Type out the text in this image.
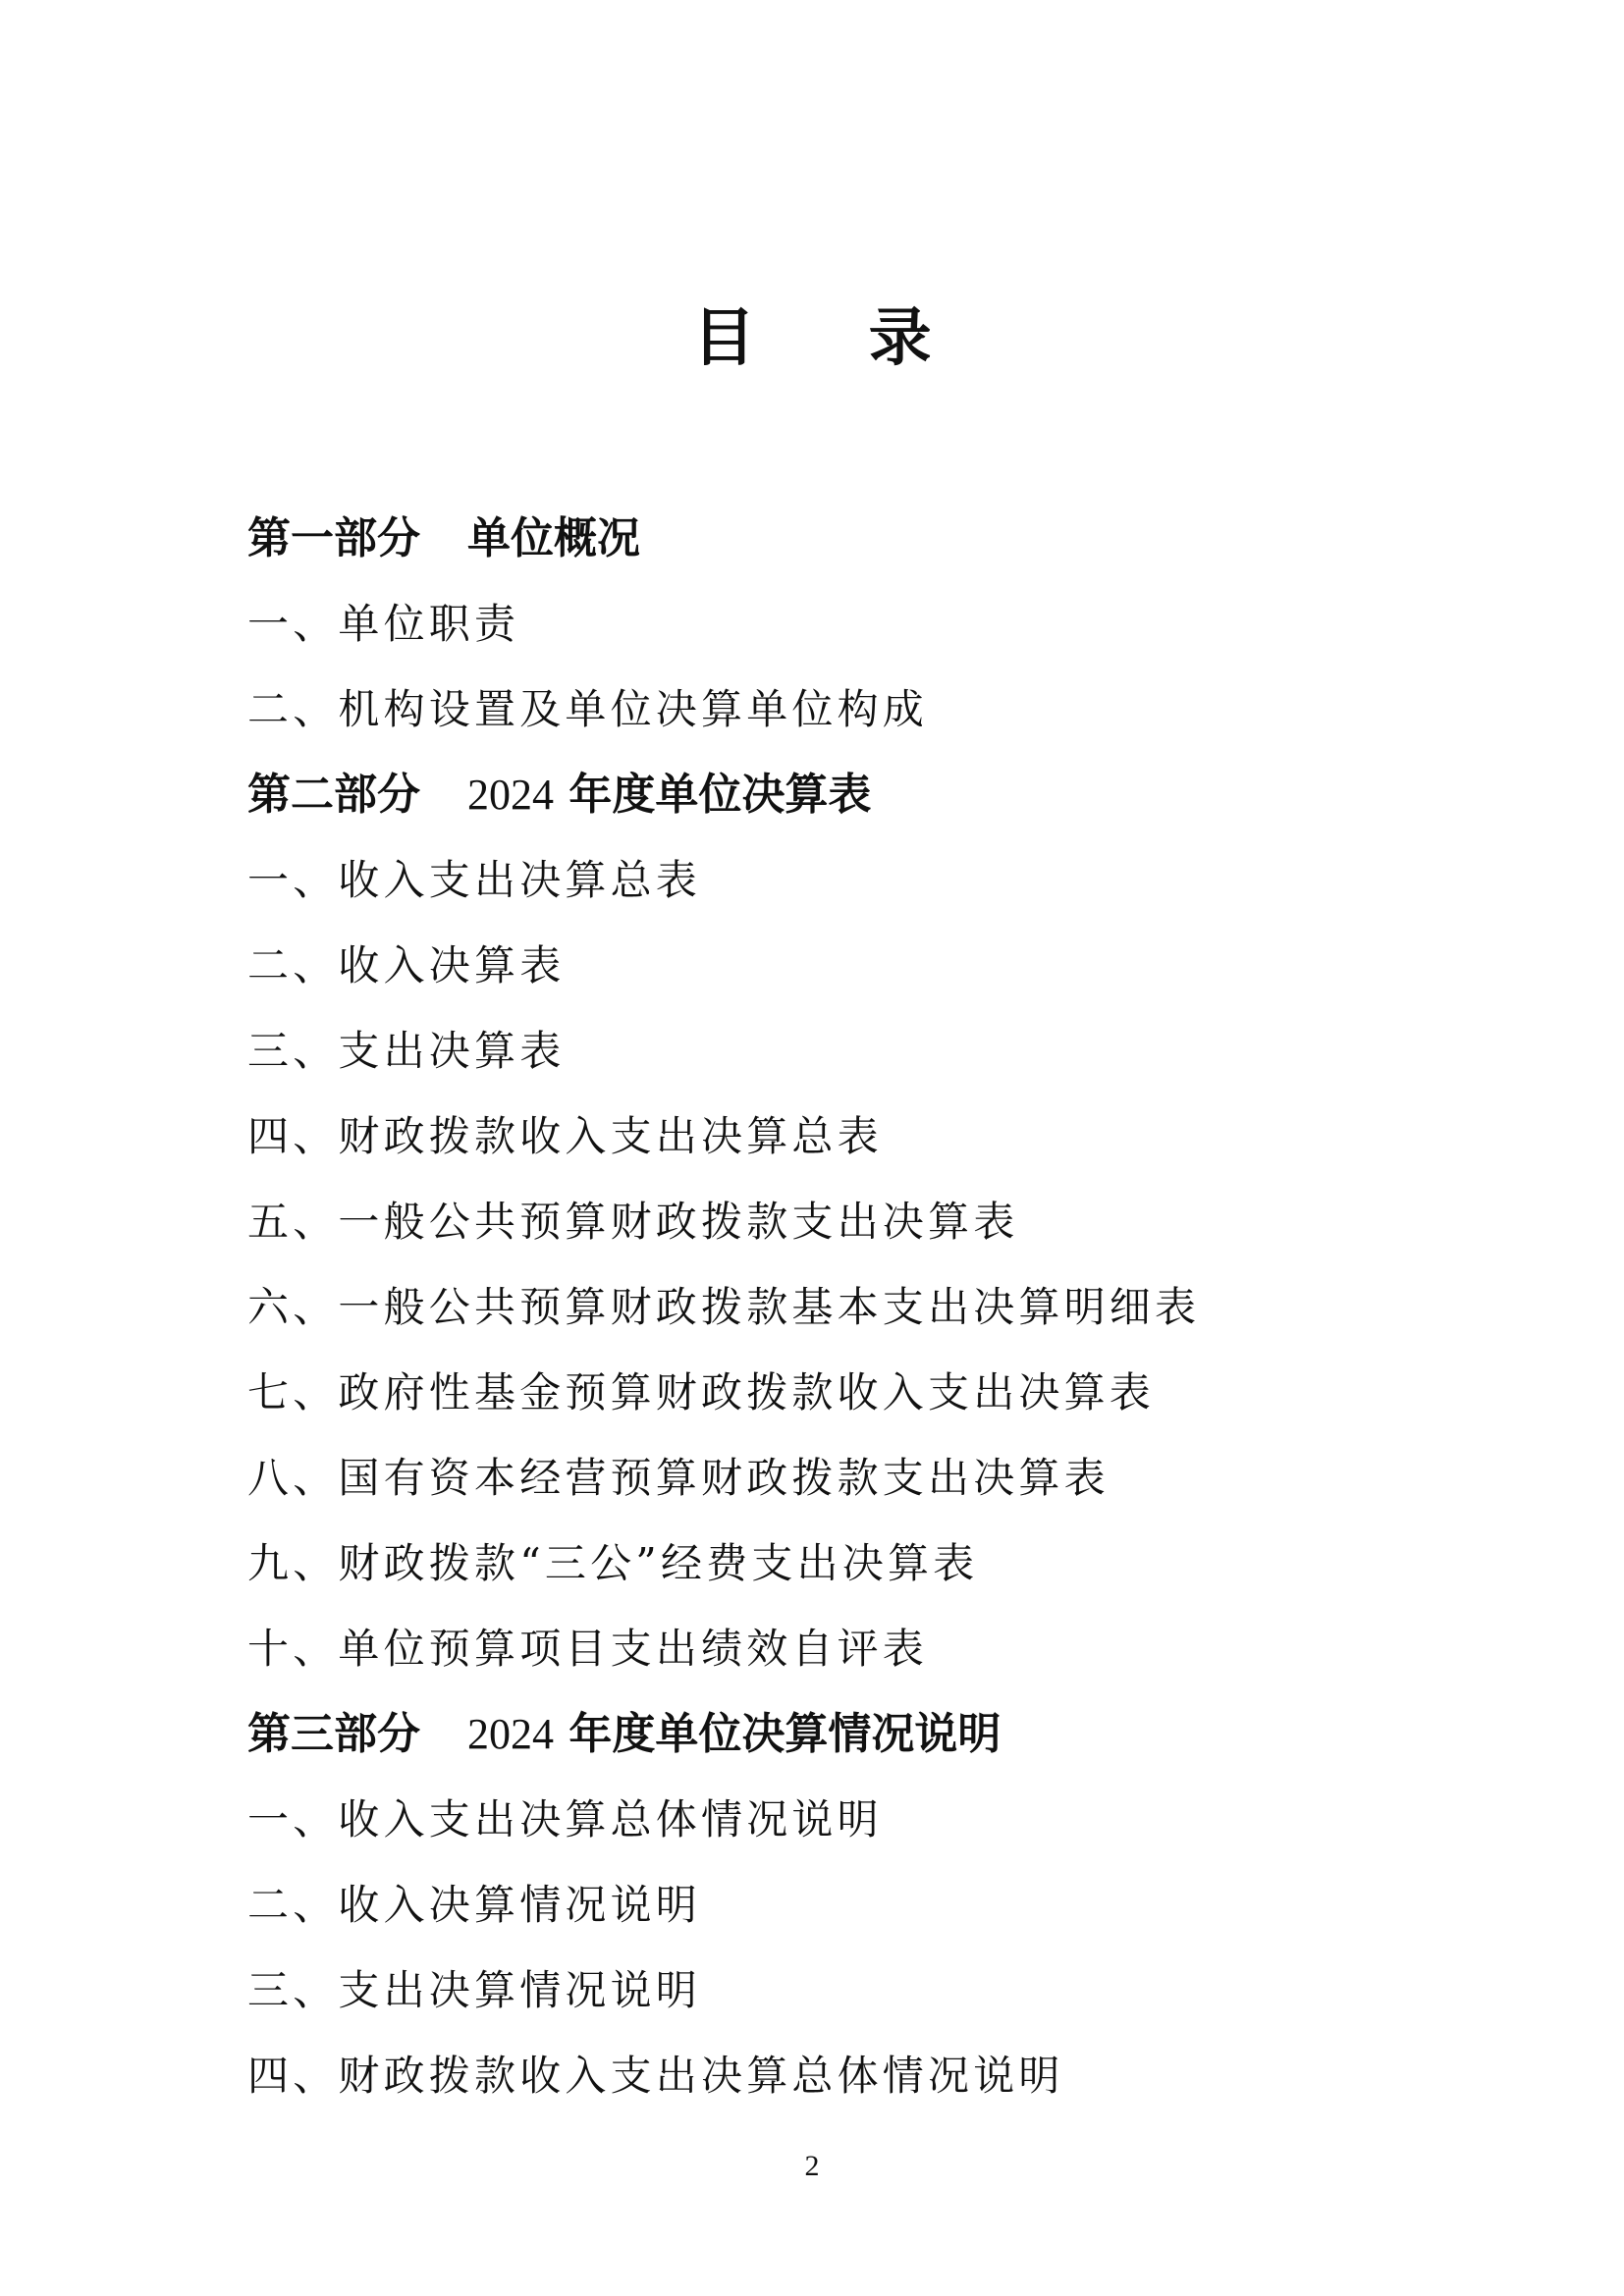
目　录
第一部分 单位概况
一、单位职责
二、机构设置及单位决算单位构成
第二部分 2024 年度单位决算表
一、收入支出决算总表
二、收入决算表
三、支出决算表
四、财政拨款收入支出决算总表
五、一般公共预算财政拨款支出决算表
六、一般公共预算财政拨款基本支出决算明细表
七、政府性基金预算财政拨款收入支出决算表
八、国有资本经营预算财政拨款支出决算表
九、财政拨款“三公”经费支出决算表
十、单位预算项目支出绩效自评表
第三部分 2024 年度单位决算情况说明
一、收入支出决算总体情况说明
二、收入决算情况说明
三、支出决算情况说明
四、财政拨款收入支出决算总体情况说明
2
